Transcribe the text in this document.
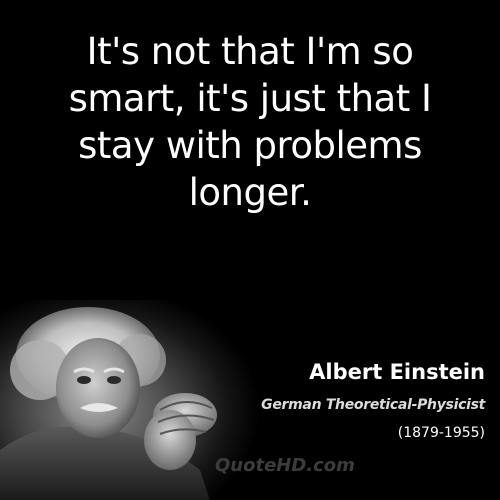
It's not that I'm so
smart, it's just that I
stay with problems
longer.

Albert Einstein

German Theoretical-Physicist

(1879-1955)

QuoteHD.com
